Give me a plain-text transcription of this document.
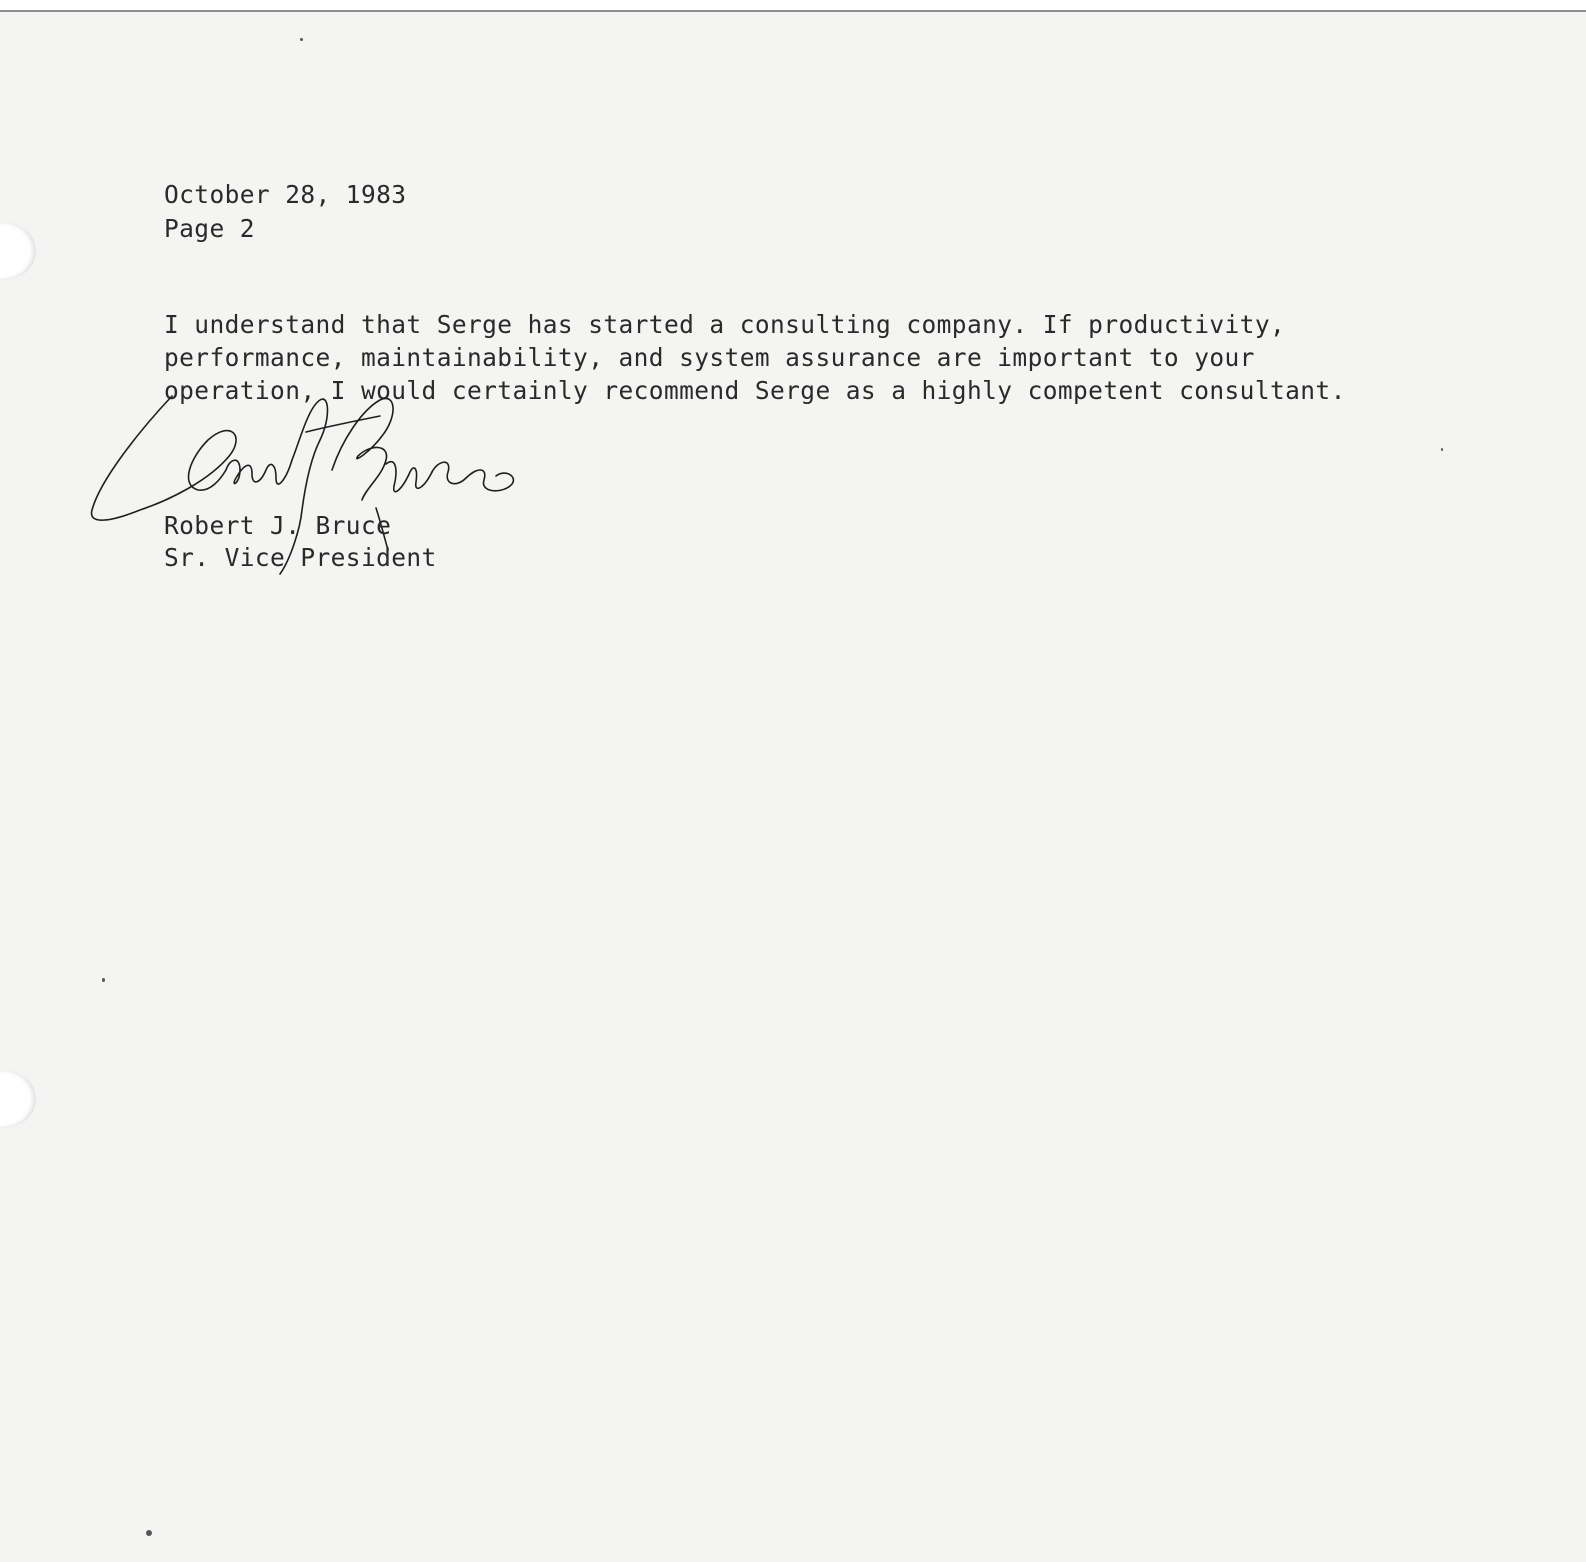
October 28, 1983
Page 2
I understand that Serge has started a consulting company. If productivity,
performance, maintainability, and system assurance are important to your
operation, I would certainly recommend Serge as a highly competent consultant.
Robert J. Bruce
Sr. Vice President
